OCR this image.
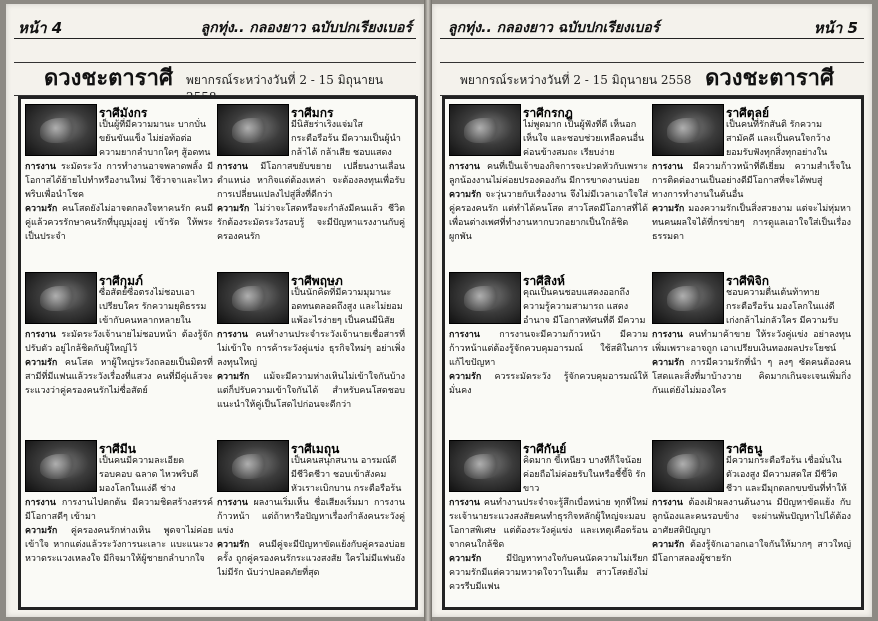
หน้า 4	ลูกทุ่ง.. กลองยาว ฉบับปกเรียงเบอร์
ดวงชะตาราศี พยากรณ์ระหว่างวันที่ 2 - 15 มิถุนายน
ราศีมังกร
เป็นผู้ที่มีความมานะ บากบั่น ขยันขันแข็ง ไม่ย่อท้อต่อความยากลำบากใดๆ สู้อดทน
การงาน ระมัดระวัง การทำงานอาจพลาดพลั้ง มีโอกาสได้ย้ายไปทำหรืองานใหม่ ใช้วาจาและไหวพริบเพื่อนำโชค
ความรัก คนโสดยังไม่อาจตกลงใจหาคนรัก คนมีคู่แล้วควรรักษาคนรักที่บุญมุ่งอยู่ เข้ารัด ให้พระเป็นประจำ
ราศีมกร
มีนิสัยร่าเริงแจ่มใส กระตือรือร้น มีความเป็นผู้นำ กล้าได้ กล้าเสีย ชอบแสดง
การงาน มีโอกาสขยับขยาย เปลี่ยนงานเลื่อนตำแหน่ง หากิจแต่ต้องเหล่า จะต้องลงทุนเพื่อรับการเปลี่ยนแปลงไปสู่สิ่งที่ดีกว่า
ความรัก ไม่ว่าจะโสดหรือจะกำลังมีคนแล้ว ชีวิตรักต้องระมัดระวังรอบรู้ จะมีปัญหาแรงงานกับคู่ครองคนรัก
ราศีกุมภ์
ซื่อสัตย์ซื่อตรงไม่ชอบเอาเปรียบใคร รักความยุติธรรม เข้ากับคนหลากหลายใน
การงาน ระมัดระวังเจ้านายไม่ชอบหน้า ต้องรู้จักปรับตัว อยู่ไกล้ชิดกับผู้ใหญ่ไว้
ความรัก คนโสด หาผู้ใหญ่ระวังถลอยเป็นมิตรที่สามีที่มีแฟนแล้วระวังเรื่องที่แสวง คนที่มีคู่แล้วจะระแวงว่าคู่ครองคนรักไม่ซื่อสัตย์
ราศีพฤษภ
เป็นนักคิดที่มีความมุมานะอดทนตลอดถึงสูง และไม่ยอมแพ้อะไรง่ายๆ เป็นคนมีนิสัย
การงาน คนทำงานประจำระวังเจ้านายเชื่อสารที่ไม่เข้าใจ การค้าระวังคู่แข่ง ธุรกิจใหม่ๆ อย่าเพิ่งลงทุนใหญ่
ความรัก แม้จะมีความห่างเหินไม่เข้าใจกันบ้าง แต่ก็ปรับความเข้าใจกันได้ สำหรับคนโสดชอบแนะนำให้คู่เป็นโสดไปก่อนจะดีกว่า
ราศีมีน
เป็นคนมีความละเอียดรอบคอบ ฉลาด ไหวพริบดี มองโลกในแง่ดี ช่าง
การงาน การงานไปตกต้น มีความชิดสร้างสรรค์มีโอกาสดีๆ เข้ามา
ความรัก คู่ครองคนรักห่างเหิน พูดจาไม่ค่อยเข้าใจ หากแต่งแล้วระวังการนะเลาะ แบะแนะวงหวาดระแวงเหลงใจ มีกิจมาให้ผู้ชายกลำบากใจ
ราศีเมถุน
เป็นคนสนุกสนาน อารมณ์ดี มีชีวิตชีวา ชอบเข้าสังคม หัวเราะเบิกบาน กระตือรือร้น
การงาน ผลงานเริ่มเห็น ชื่อเสียงเริ่มมา การงานก้าวหน้า แต่ถ้าหารือปัญหาเรื่องกำลังคนระวังคู่แข่ง
ความรัก คนมีคู่จะมีปัญหาขัดแย้งกับคู่ครองบ่อยครั้ง ถูกคู่ครองคนรักระแวงสงสัย ใครไม่มีแฟนยังไม่มีรัก นับว่าปลอดภัยที่สุด
ลูกทุ่ง.. กลองยาว ฉบับปกเรียงเบอร์	หน้า 5
พยากรณ์ระหว่างวันที่ 2 - 15 มิถุนายน 2558 ดวงชะตาราศี
ราศีกรกฎ
ไม่พูดมาก เป็นผู้ฟังที่ดี เห็นอกเห็นใจ และชอบช่วยเหลือคนอื่น ค่อนข้างสมถะ เรียบง่าย
การงาน คนที่เป็นเจ้าของกิจการจะปวดหัวกับเพราะลูกน้องงานไม่ค่อยปรองดองกัน มีการขาดงานบ่อย
ความรัก จะวุ่นวายกับเรื่องงาน จึงไม่มีเวลาเอาใจใส่คู่ครองคนรัก แต่ทำได้คนโสด สาวโสดมีโอกาสที่ได้เพื่อนต่างเพศที่ทำงานหากบวกอยากเป็นใกล้ชิดผูกพัน
ราศีตุลย์
เป็นคนที่รักสันติ รักความสามัคคี และเป็นคนใจกว้าง ยอมรับฟังทุกสิ่งทุกอย่างใน
การงาน มีความก้าวหน้าที่ดีเยี่ยม ความสำเร็จในการติดต่องานเป็นอย่างดีมีโอกาสที่จะได้พบสู่ทางการทำงานในต้นอื่น
ความรัก มองความรักเป็นสิ่งสวยงาม แต่จะไม่หุ่มหาทนคนผลใจได้ที่กรข่ายๆ การดูแลเอาใจใส่เป็นเรื่องธรรมดา
ราศีสิงห์
คุณเป็นคนชอบแสดงออกถึงความรู้ความสามารถ แสดงอำนาจ มีโอกาสทัศนที่ดี มีความ
การงาน การงานจะมีความก้าวหน้า มีความก้าวหน้าแต่ต้องรู้จักควบคุมอารมณ์ ใช้สติในการแก้ไขปัญหา
ความรัก ควรระมัดระวัง รู้จักควบคุมอารมณ์ให้มั่นคง
ราศีพิจิก
ชอบความตื่นเต้นท้าทาย กระตือรือร้น มองโลกในแง่ดี เก่งกล้าไม่กลัวใคร มีความรับ
การงาน คนทำมาค้าขาย ให้ระวังคู่แข่ง อย่าลงทุนเพิ่มเพราะอาจถูก เอาเปรียบเงินทองผลประโยชน์
ความรัก การมีความรักที่นำ ๆ ลงๆ ซัดคนต้องคนโสดและสิ่งที่มาบ้างวาย คิดมากเกินจะเจนเพิ่มกิ่ง กันแต่ยังไม่มองใคร
ราศีกันย์
คิดมาก ขี้เหนียว บางทีก็ใจน้อยค่อยถือไม่ค่อยรับในหรือชี้ขี้จิ รักขาว
การงาน คนทำงานประจำจะรู้สึกเบื่อหน่าย ทุกที่ใหม่ระเจ้านายระแวงสงสัยคนทำธุรกิจหลักผู้ใหญ่จะมอบโอกาสพิเศษ แต่ต้องระวังคู่แข่ง และเหตุเคือดร้อนจากคนใกล้ชิด
ความรัก มีปัญหาทางใจกับคนนัดความไม่เรียกความรักมีแต่ความหวาดใจวาในเต็ม สาวโสดยังไม่ควรรีบมีแฟน
ราศีธนู
มีความกระตือรือร้น เชื่อมั่นในตัวเองสูง มีความสดใส มีชีวิตชีวา และมีมุกตลกขบขันที่ทำให้
การงาน ต้องเฝ้าผลงานต้นงาน มีปัญหาขัดแย้ง กับลูกน้องและคนรอบข้าง จะผ่านพ้นปัญหาไปได้ต้องอาศัยสติปัญญา
ความรัก ต้องรู้จักเอาอกเอาใจกันให้มากๆ สาวใหญ่มีโอกาสลองผู้ชายรัก
